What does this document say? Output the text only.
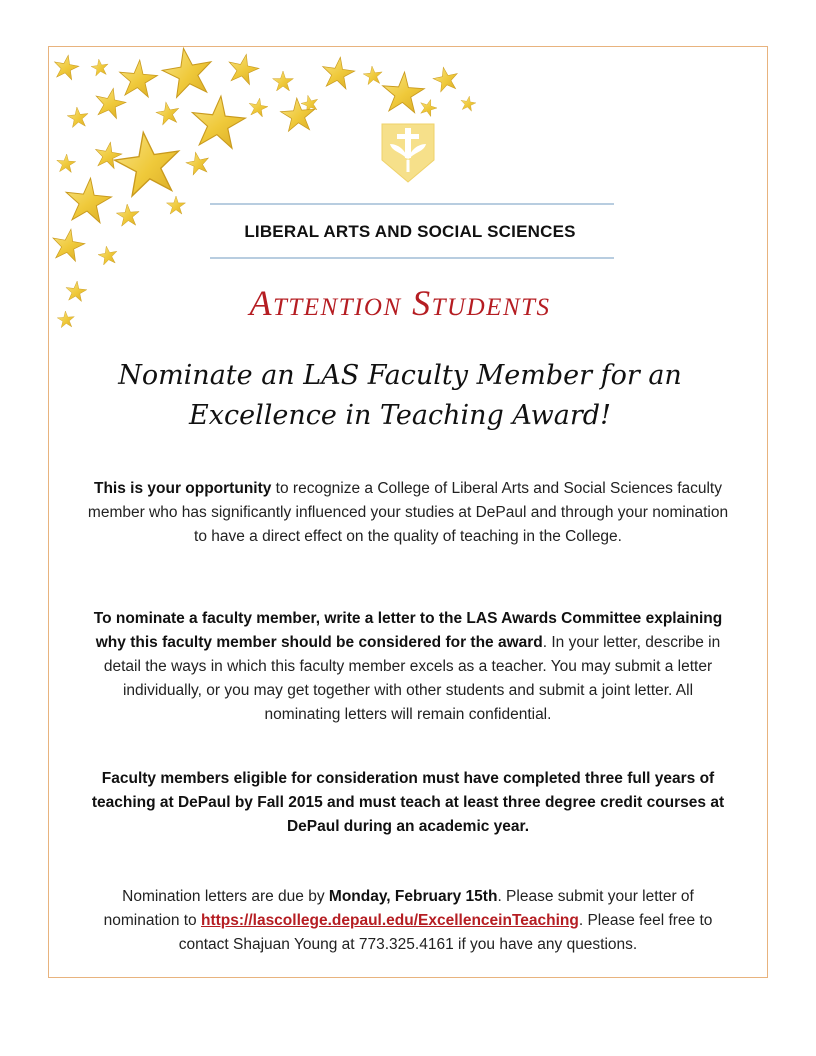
LIBERAL ARTS AND SOCIAL SCIENCES
Attention Students
Nominate an LAS Faculty Member for an
Excellence in Teaching Award!
This is your opportunity to recognize a College of Liberal Arts and Social Sciences faculty member who has significantly influenced your studies at DePaul and through your nomination to have a direct effect on the quality of teaching in the College.
To nominate a faculty member, write a letter to the LAS Awards Committee explaining why this faculty member should be considered for the award. In your letter, describe in detail the ways in which this faculty member excels as a teacher. You may submit a letter individually, or you may get together with other students and submit a joint letter. All nominating letters will remain confidential.
Faculty members eligible for consideration must have completed three full years of teaching at DePaul by Fall 2015 and must teach at least three degree credit courses at DePaul during an academic year.
Nomination letters are due by Monday, February 15th. Please submit your letter of nomination to https://lascollege.depaul.edu/ExcellenceinTeaching. Please feel free to contact Shajuan Young at 773.325.4161 if you have any questions.
